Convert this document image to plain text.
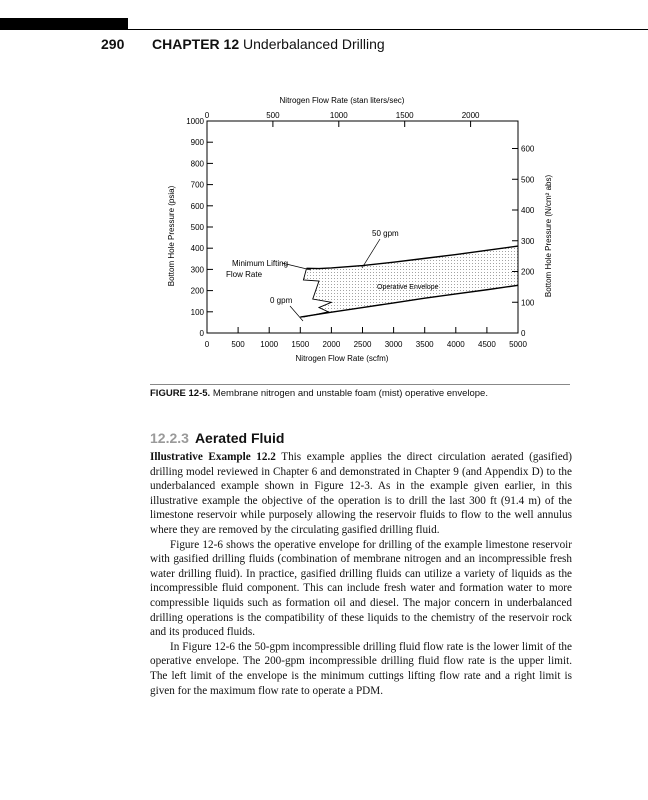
290 CHAPTER 12 Underbalanced Drilling
0	500 1000 1500 2000 2500 3000 3500 4000 4500 5000
0
100
200
300
400
500
600
700
800
900
1000
0	500	1000	1500	2000
0
100
200
300
400
500
600
Nitrogen Flow Rate (stan liters/sec)
Nitrogen Flow Rate (scfm)
Bottom Hole Pressure (psia)	Bottom Hole Pressure (N/cm² abs)
50 gpm
0 gpm
Minimum Lifting
Flow Rate
Operative Envelope
FIGURE 12-5. Membrane nitrogen and unstable foam (mist) operative envelope.
12.2.3 Aerated Fluid

Illustrative Example 12.2 This example applies the direct circulation aerated (gasified) drilling model reviewed in Chapter 6 and demonstrated in Chapter 9 (and Appendix D) to the underbalanced example shown in Figure 12-3. As in the example given earlier, in this illustrative example the objective of the operation is to drill the last 300 ft (91.4 m) of the limestone reservoir while purposely allowing the reservoir fluids to flow to the well annulus where they are removed by the circulating gasified drilling fluid.

Figure 12-6 shows the operative envelope for drilling of the example limestone reservoir with gasified drilling fluids (combination of membrane nitrogen and an incompressible fresh water drilling fluid). In practice, gasified drilling fluids can utilize a variety of liquids as the incompressible fluid component. This can include fresh water and formation water to more compressible liquids such as formation oil and diesel. The major concern in underbalanced drilling operations is the compatibility of these liquids to the chemistry of the reservoir rock and its produced fluids.

In Figure 12-6 the 50-gpm incompressible drilling fluid flow rate is the lower limit of the operative envelope. The 200-gpm incompressible drilling fluid flow rate is the upper limit. The left limit of the envelope is the minimum cuttings lifting flow rate and a right limit is given for the maximum flow rate to operate a PDM.
